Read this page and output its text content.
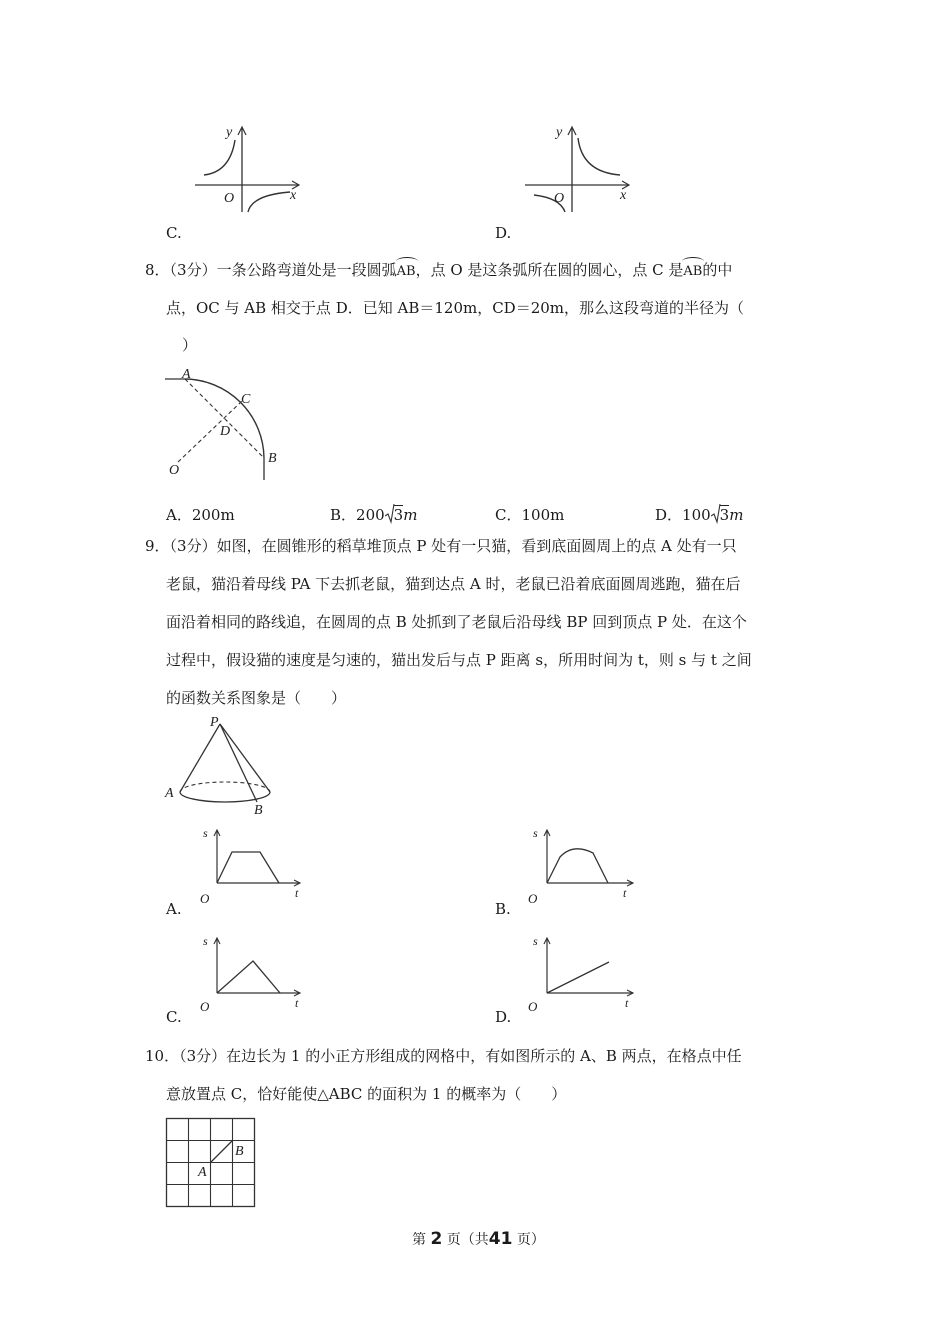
y
x
O
C.
y
x
O
D.
8．（3分）一条公路弯道处是一段圆弧
AB，点 O 是这条弧所在圆的圆心，点 C 是
AB的中
点，OC 与 AB 相交于点 D．已知 AB＝120m，CD＝20m，那么这段弯道的半径为（
）
A
C
D
O
B
A．200m	B．200 3m	C．100m	D．100 3m
9．（3分）如图，在圆锥形的稻草堆顶点 P 处有一只猫，看到底面圆周上的点 A 处有一只
老鼠，猫沿着母线 PA 下去抓老鼠，猫到达点 A 时，老鼠已沿着底面圆周逃跑，猫在后
面沿着相同的路线追，在圆周的点 B 处抓到了老鼠后沿母线 BP 回到顶点 P 处．在这个
过程中，假设猫的速度是匀速的，猫出发后与点 P 距离 s，所用时间为 t，则 s 与 t 之间
的函数关系图象是（　　）
P
A
B
s
t
O
A.
s
t
O
B.
s
t
O
C.
s
t
O
D.
10．（3分）在边长为 1 的小正方形组成的网格中，有如图所示的 A、B 两点，在格点中任
意放置点 C，恰好能使△ABC 的面积为 1 的概率为（　　）
A
B
第 2 页（共41 页）
